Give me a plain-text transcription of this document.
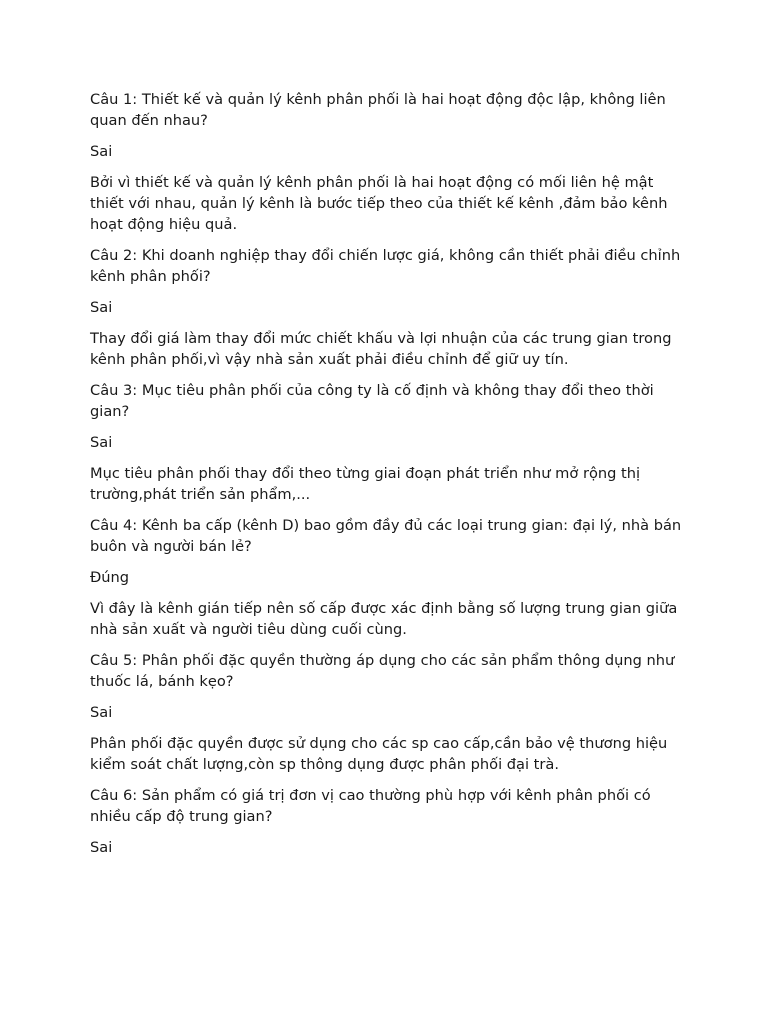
Câu 1: Thiết kế và quản lý kênh phân phối là hai hoạt động độc lập, không liên quan đến nhau?

Sai

Bởi vì thiết kế và quản lý kênh phân phối là hai hoạt động có mối liên hệ mật thiết với nhau, quản lý kênh là bước tiếp theo của thiết kế kênh ,đảm bảo kênh hoạt động hiệu quả.

Câu 2: Khi doanh nghiệp thay đổi chiến lược giá, không cần thiết phải điều chỉnh kênh phân phối?

Sai

Thay đổi giá làm thay đổi mức chiết khấu và lợi nhuận của các trung gian trong kênh phân phối,vì vậy nhà sản xuất phải điều chỉnh để giữ uy tín.

Câu 3: Mục tiêu phân phối của công ty là cố định và không thay đổi theo thời gian?

Sai

Mục tiêu phân phối thay đổi theo từng giai đoạn phát triển như mở rộng thị trường,phát triển sản phẩm,...

Câu 4: Kênh ba cấp (kênh D) bao gồm đầy đủ các loại trung gian: đại lý, nhà bán buôn và người bán lẻ?

Đúng

Vì đây là kênh gián tiếp nên số cấp được xác định bằng số lượng trung gian giữa nhà sản xuất và người tiêu dùng cuối cùng.

Câu 5: Phân phối đặc quyền thường áp dụng cho các sản phẩm thông dụng như thuốc lá, bánh kẹo?

Sai

Phân phối đặc quyền được sử dụng cho các sp cao cấp,cần bảo vệ thương hiệu kiểm soát chất lượng,còn sp thông dụng được phân phối đại trà.

Câu 6: Sản phẩm có giá trị đơn vị cao thường phù hợp với kênh phân phối có nhiều cấp độ trung gian?

Sai
